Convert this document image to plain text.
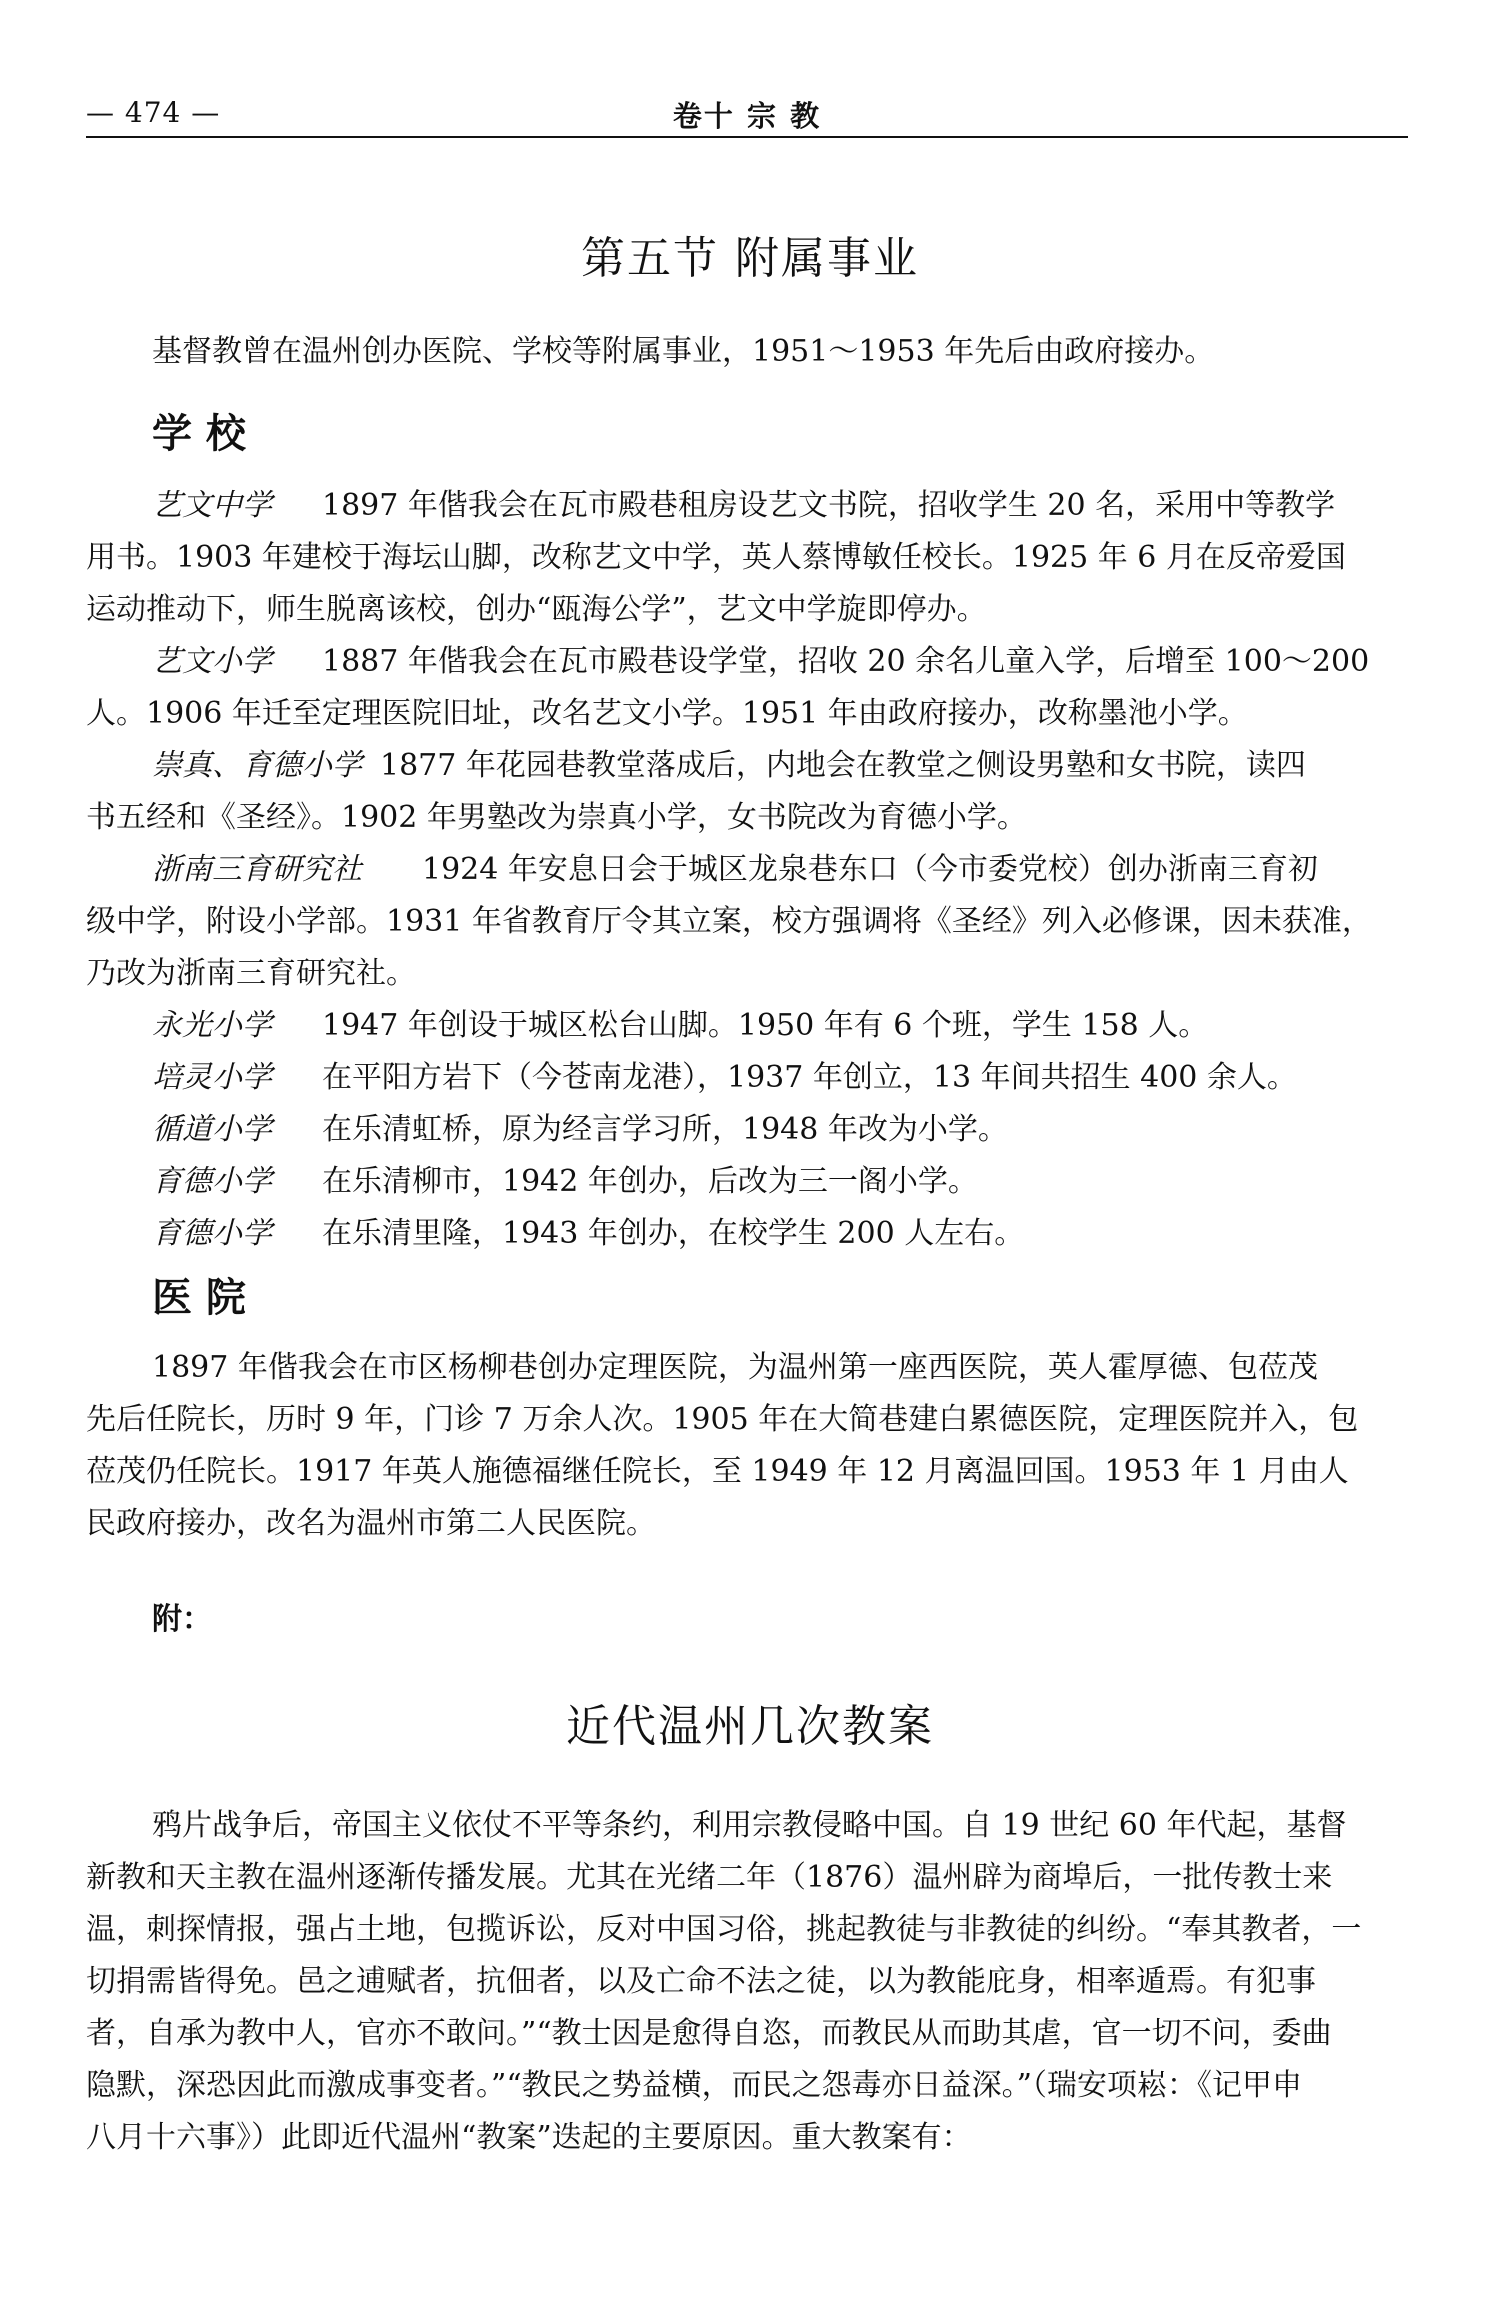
— 474 —	卷十 宗 教
第五节 附属事业
基督教曾在温州创办医院、学校等附属事业，1951～1953 年先后由政府接办。
学 校
艺文中学 1897 年偕我会在瓦市殿巷租房设艺文书院，招收学生 20 名，采用中等教学
用书。1903 年建校于海坛山脚，改称艺文中学，英人蔡博敏任校长。1925 年 6 月在反帝爱国
运动推动下，师生脱离该校，创办“瓯海公学”，艺文中学旋即停办。
艺文小学 1887 年偕我会在瓦市殿巷设学堂，招收 20 余名儿童入学，后增至 100～200
人。1906 年迁至定理医院旧址，改名艺文小学。1951 年由政府接办，改称墨池小学。
崇真、育德小学 1877 年花园巷教堂落成后，内地会在教堂之侧设男塾和女书院，读四
书五经和《圣经》。1902 年男塾改为崇真小学，女书院改为育德小学。
浙南三育研究社 1924 年安息日会于城区龙泉巷东口（今市委党校）创办浙南三育初
级中学，附设小学部。1931 年省教育厅令其立案，校方强调将《圣经》列入必修课，因未获准，
乃改为浙南三育研究社。
永光小学 1947 年创设于城区松台山脚。1950 年有 6 个班，学生 158 人。
培灵小学 在平阳方岩下（今苍南龙港），1937 年创立，13 年间共招生 400 余人。
循道小学 在乐清虹桥，原为经言学习所，1948 年改为小学。
育德小学 在乐清柳市，1942 年创办，后改为三一阁小学。
育德小学 在乐清里隆，1943 年创办，在校学生 200 人左右。
医 院
1897 年偕我会在市区杨柳巷创办定理医院，为温州第一座西医院，英人霍厚德、包莅茂
先后任院长，历时 9 年，门诊 7 万余人次。1905 年在大简巷建白累德医院，定理医院并入，包
莅茂仍任院长。1917 年英人施德福继任院长，至 1949 年 12 月离温回国。1953 年 1 月由人
民政府接办，改名为温州市第二人民医院。
附：
近代温州几次教案
鸦片战争后，帝国主义依仗不平等条约，利用宗教侵略中国。自 19 世纪 60 年代起，基督
新教和天主教在温州逐渐传播发展。尤其在光绪二年（1876）温州辟为商埠后，一批传教士来
温，刺探情报，强占土地，包揽诉讼，反对中国习俗，挑起教徒与非教徒的纠纷。“奉其教者，一
切捐需皆得免。邑之逋赋者，抗佃者，以及亡命不法之徒，以为教能庇身，相率遁焉。有犯事
者，自承为教中人，官亦不敢问。”“教士因是愈得自恣，而教民从而助其虐，官一切不问，委曲
隐默，深恐因此而激成事变者。”“教民之势益横，而民之怨毒亦日益深。”（瑞安项崧：《记甲申
八月十六事》）此即近代温州“教案”迭起的主要原因。重大教案有：
